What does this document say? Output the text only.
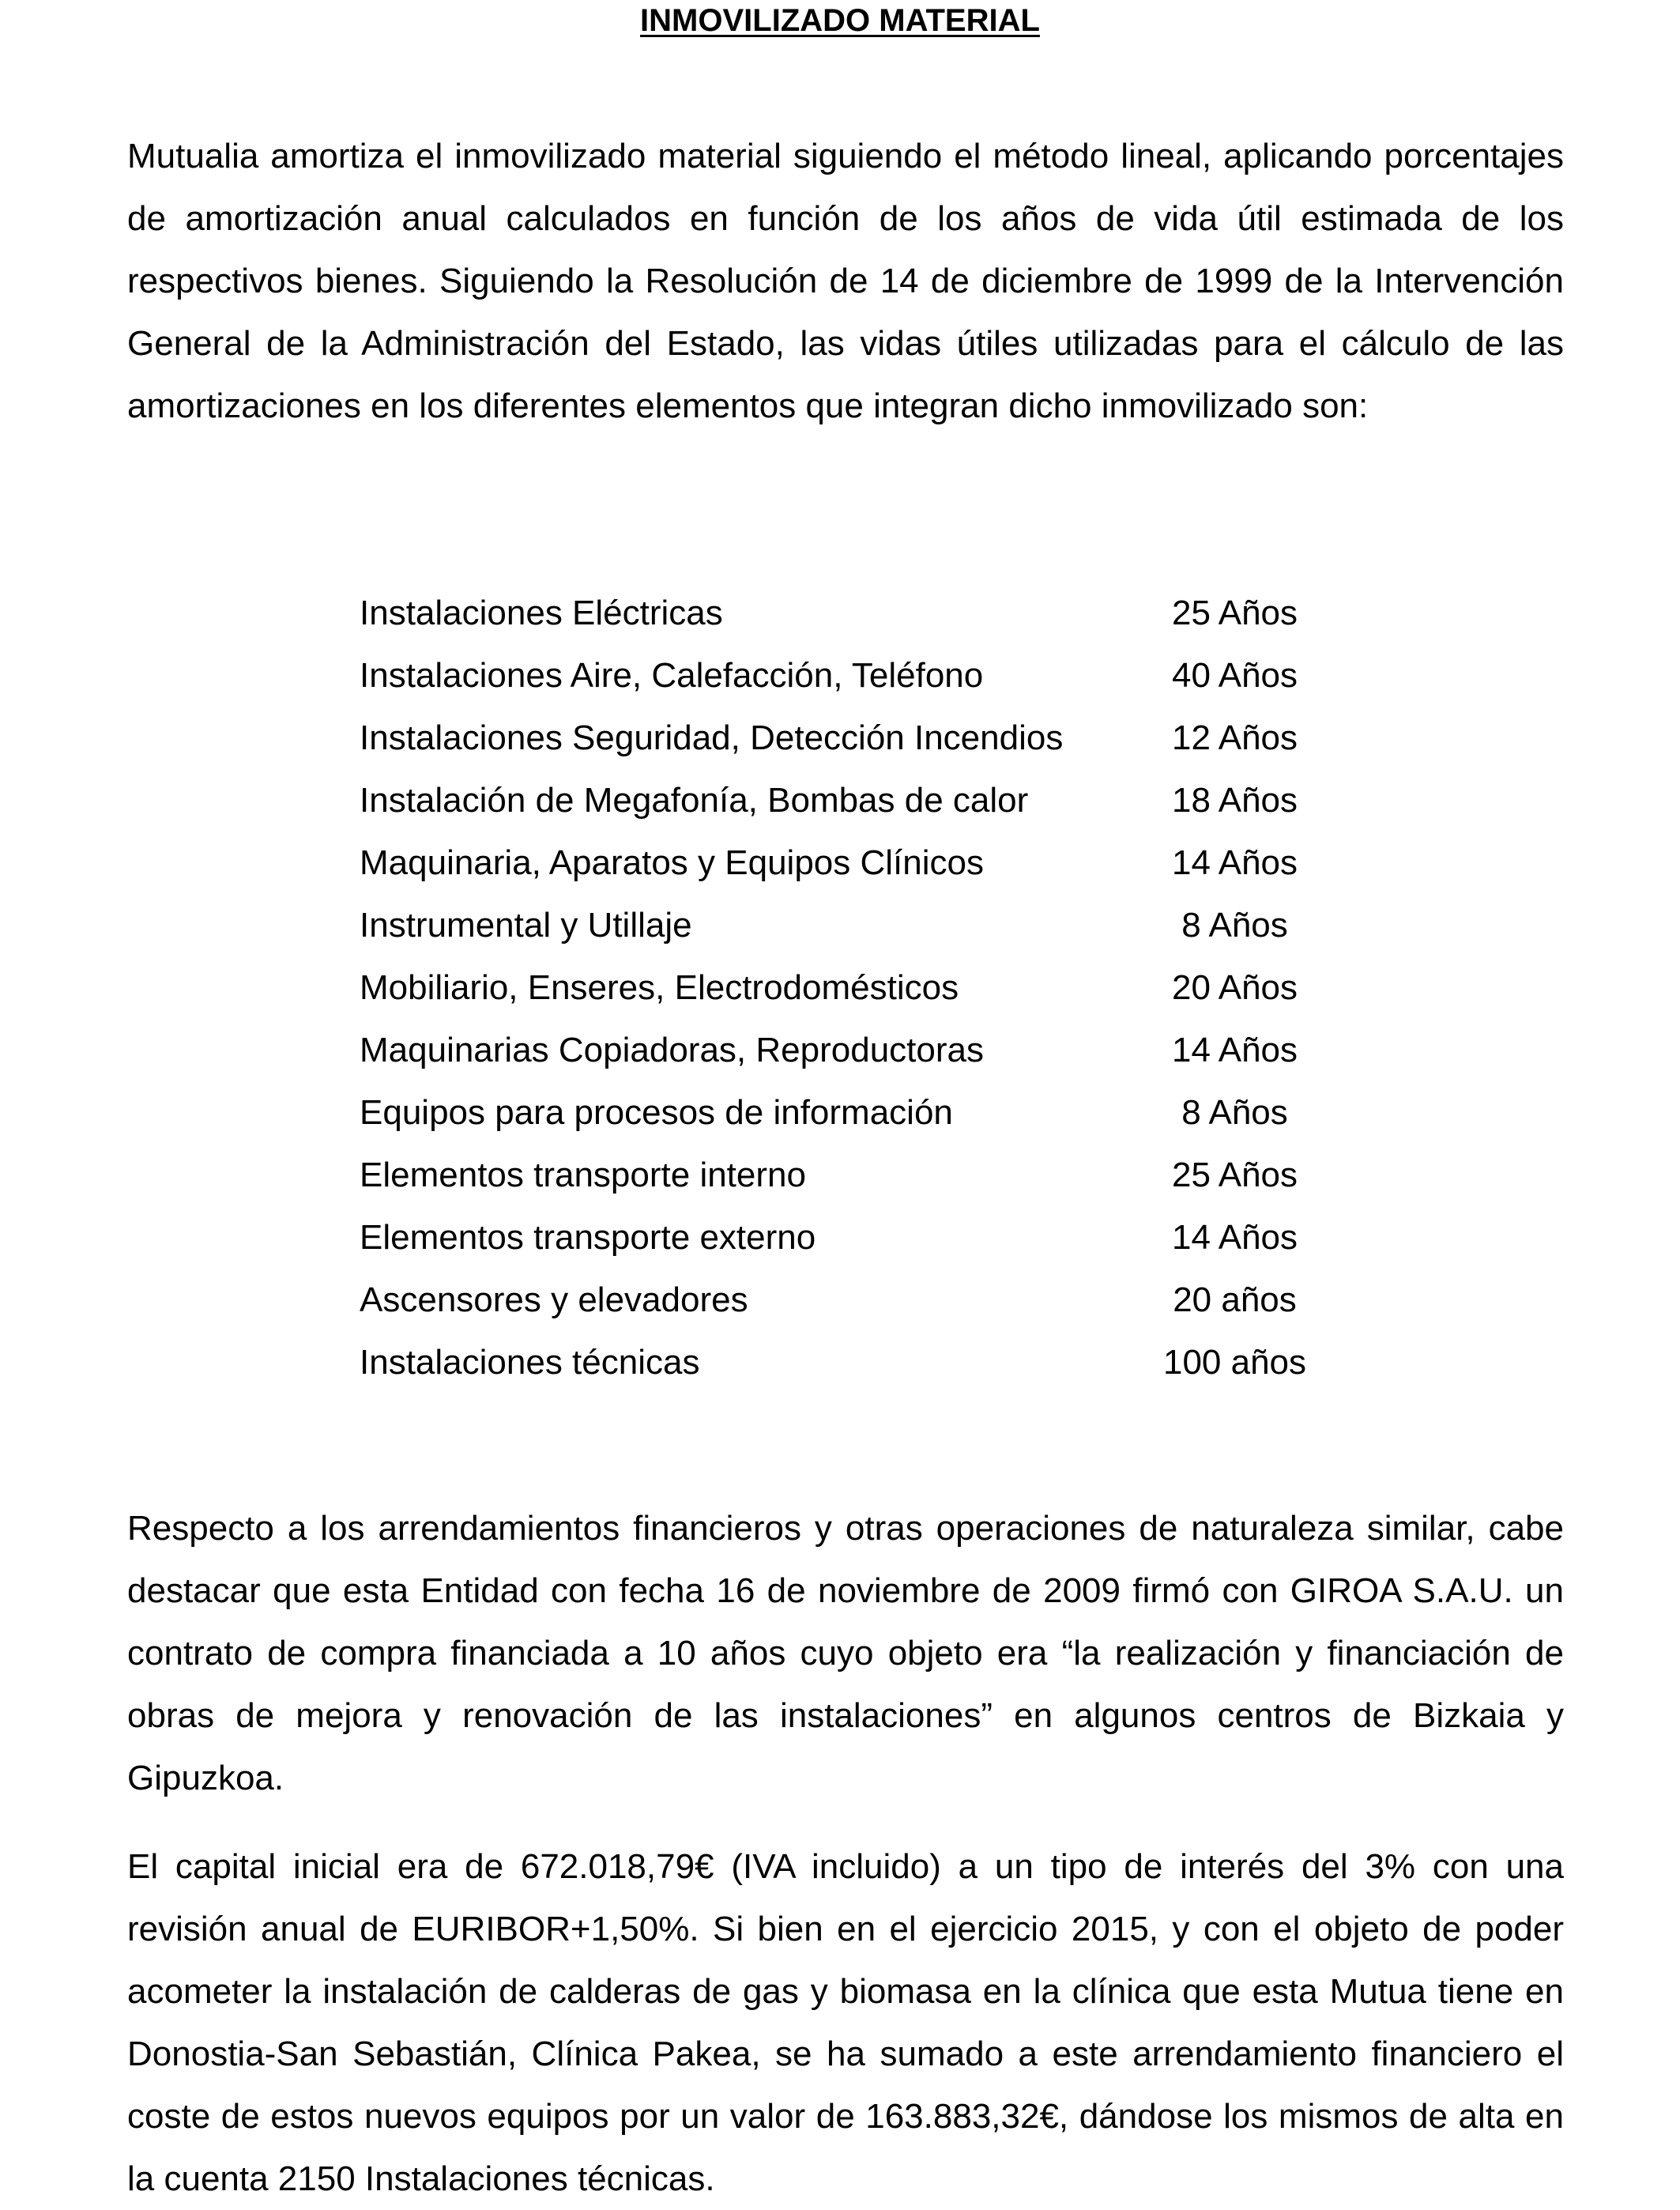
INMOVILIZADO MATERIAL

Mutualia amortiza el inmovilizado material siguiendo el método lineal, aplicando porcentajes de amortización anual calculados en función de los años de vida útil estimada de los respectivos bienes. Siguiendo la Resolución de 14 de diciembre de 1999 de la Intervención General de la Administración del Estado, las vidas útiles utilizadas para el cálculo de las amortizaciones en los diferentes elementos que integran dicho inmovilizado son:

Instalaciones Eléctricas	25 Años
Instalaciones Aire, Calefacción, Teléfono	40 Años
Instalaciones Seguridad, Detección Incendios	12 Años
Instalación de Megafonía, Bombas de calor	18 Años
Maquinaria, Aparatos y Equipos Clínicos	14 Años
Instrumental y Utillaje	8 Años
Mobiliario, Enseres, Electrodomésticos	20 Años
Maquinarias Copiadoras, Reproductoras	14 Años
Equipos para procesos de información	8 Años
Elementos transporte interno	25 Años
Elementos transporte externo	14 Años
Ascensores y elevadores	20 años
Instalaciones técnicas	100 años

Respecto a los arrendamientos financieros y otras operaciones de naturaleza similar, cabe destacar que esta Entidad con fecha 16 de noviembre de 2009 firmó con GIROA S.A.U. un contrato de compra financiada a 10 años cuyo objeto era “la realización y financiación de obras de mejora y renovación de las instalaciones” en algunos centros de Bizkaia y Gipuzkoa.

El capital inicial era de 672.018,79€ (IVA incluido) a un tipo de interés del 3% con una revisión anual de EURIBOR+1,50%. Si bien en el ejercicio 2015, y con el objeto de poder acometer la instalación de calderas de gas y biomasa en la clínica que esta Mutua tiene en Donostia-San Sebastián, Clínica Pakea, se ha sumado a este arrendamiento financiero el coste de estos nuevos equipos por un valor de 163.883,32€, dándose los mismos de alta en la cuenta 2150 Instalaciones técnicas.
